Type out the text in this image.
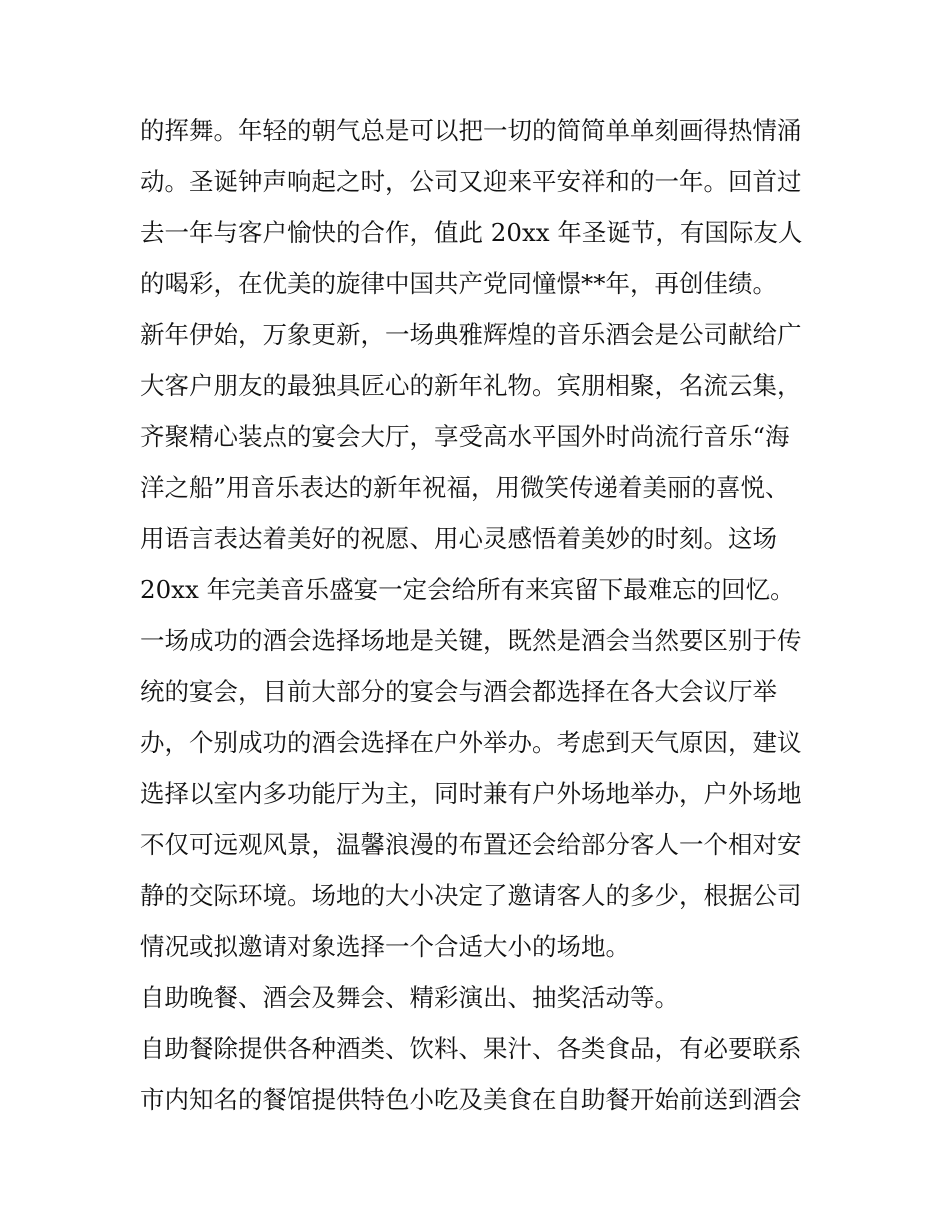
的挥舞。年轻的朝气总是可以把一切的简简单单刻画得热情涌
动。圣诞钟声响起之时，公司又迎来平安祥和的一年。回首过
去一年与客户愉快的合作，值此 20xx 年圣诞节，有国际友人
的喝彩，在优美的旋律中国共产党同憧憬**年，再创佳绩。
新年伊始，万象更新，一场典雅辉煌的音乐酒会是公司献给广
大客户朋友的最独具匠心的新年礼物。宾朋相聚，名流云集，
齐聚精心装点的宴会大厅，享受高水平国外时尚流行音乐“海
洋之船”用音乐表达的新年祝福，用微笑传递着美丽的喜悦、
用语言表达着美好的祝愿、用心灵感悟着美妙的时刻。这场
20xx 年完美音乐盛宴一定会给所有来宾留下最难忘的回忆。
一场成功的酒会选择场地是关键，既然是酒会当然要区别于传
统的宴会，目前大部分的宴会与酒会都选择在各大会议厅举
办，个别成功的酒会选择在户外举办。考虑到天气原因，建议
选择以室内多功能厅为主，同时兼有户外场地举办，户外场地
不仅可远观风景，温馨浪漫的布置还会给部分客人一个相对安
静的交际环境。场地的大小决定了邀请客人的多少，根据公司
情况或拟邀请对象选择一个合适大小的场地。
自助晚餐、酒会及舞会、精彩演出、抽奖活动等。
自助餐除提供各种酒类、饮料、果汁、各类食品，有必要联系
市内知名的餐馆提供特色小吃及美食在自助餐开始前送到酒会
